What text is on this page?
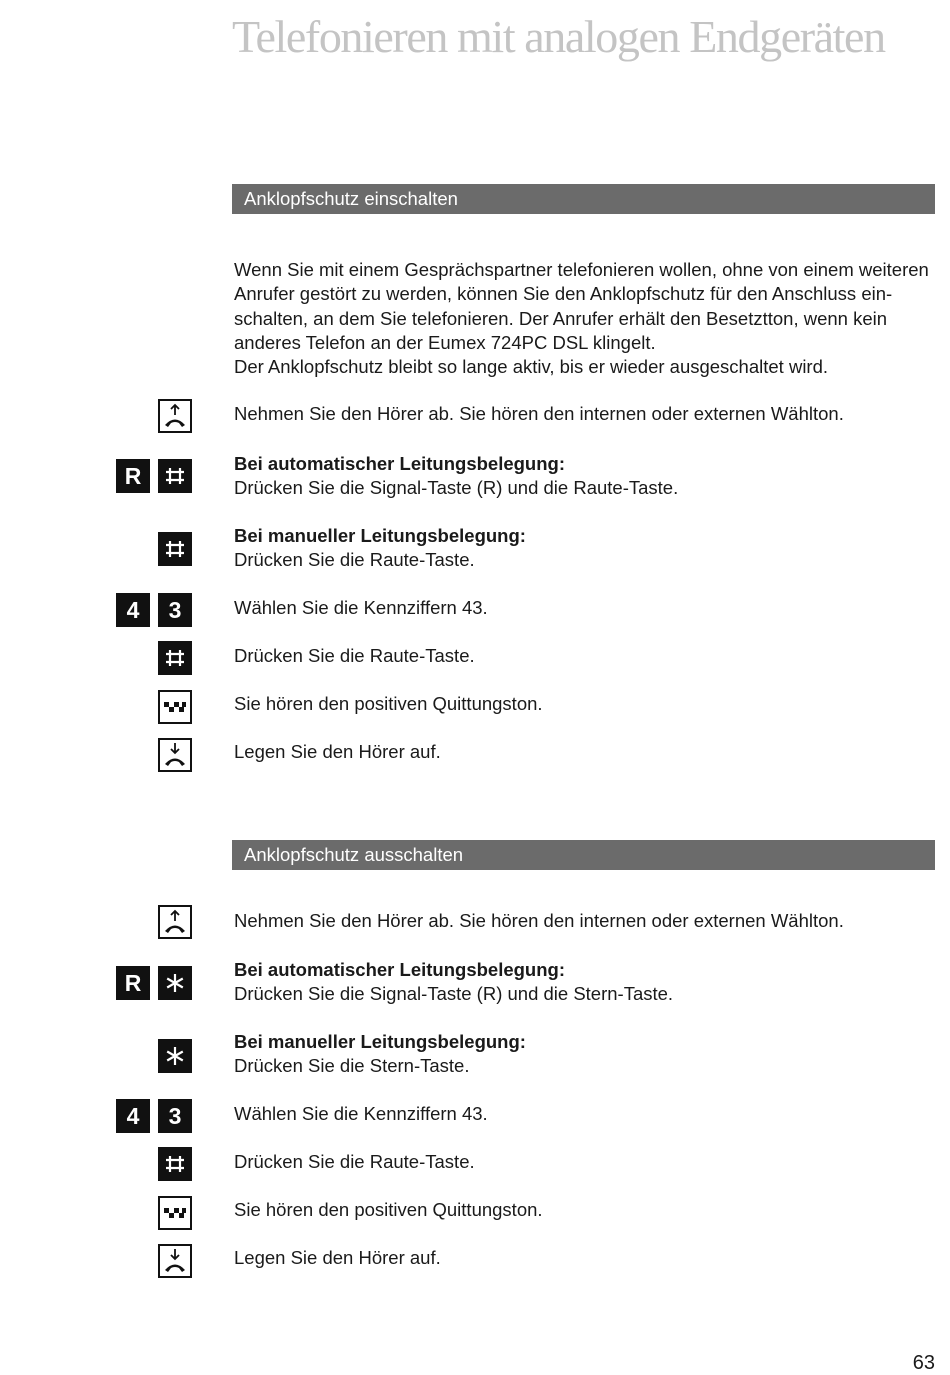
Telefonieren mit analogen Endgeräten
Anklopfschutz einschalten
Wenn Sie mit einem Gesprächspartner telefonieren wollen, ohne von einem weiteren
Anrufer gestört zu werden, können Sie den Anklopfschutz für den Anschluss ein-
schalten, an dem Sie telefonieren. Der Anrufer erhält den Besetztton, wenn kein
anderes Telefon an der Eumex 724PC DSL klingelt.
Der Anklopfschutz bleibt so lange aktiv, bis er wieder ausgeschaltet wird.
Nehmen Sie den Hörer ab. Sie hören den internen oder externen Wählton.
R	Bei automatischer Leitungsbelegung:
Drücken Sie die Signal-Taste (R) und die Raute-Taste.
Bei manueller Leitungsbelegung:
Drücken Sie die Raute-Taste.
4	3	Wählen Sie die Kennziffern 43.
Drücken Sie die Raute-Taste.
Sie hören den positiven Quittungston.
Legen Sie den Hörer auf.
Anklopfschutz ausschalten
Nehmen Sie den Hörer ab. Sie hören den internen oder externen Wählton.
R
Bei automatischer Leitungsbelegung:
Drücken Sie die Signal-Taste (R) und die Stern-Taste.
Bei manueller Leitungsbelegung:
Drücken Sie die Stern-Taste.
4	3	Wählen Sie die Kennziffern 43.
Drücken Sie die Raute-Taste.
Sie hören den positiven Quittungston.
Legen Sie den Hörer auf.
63
